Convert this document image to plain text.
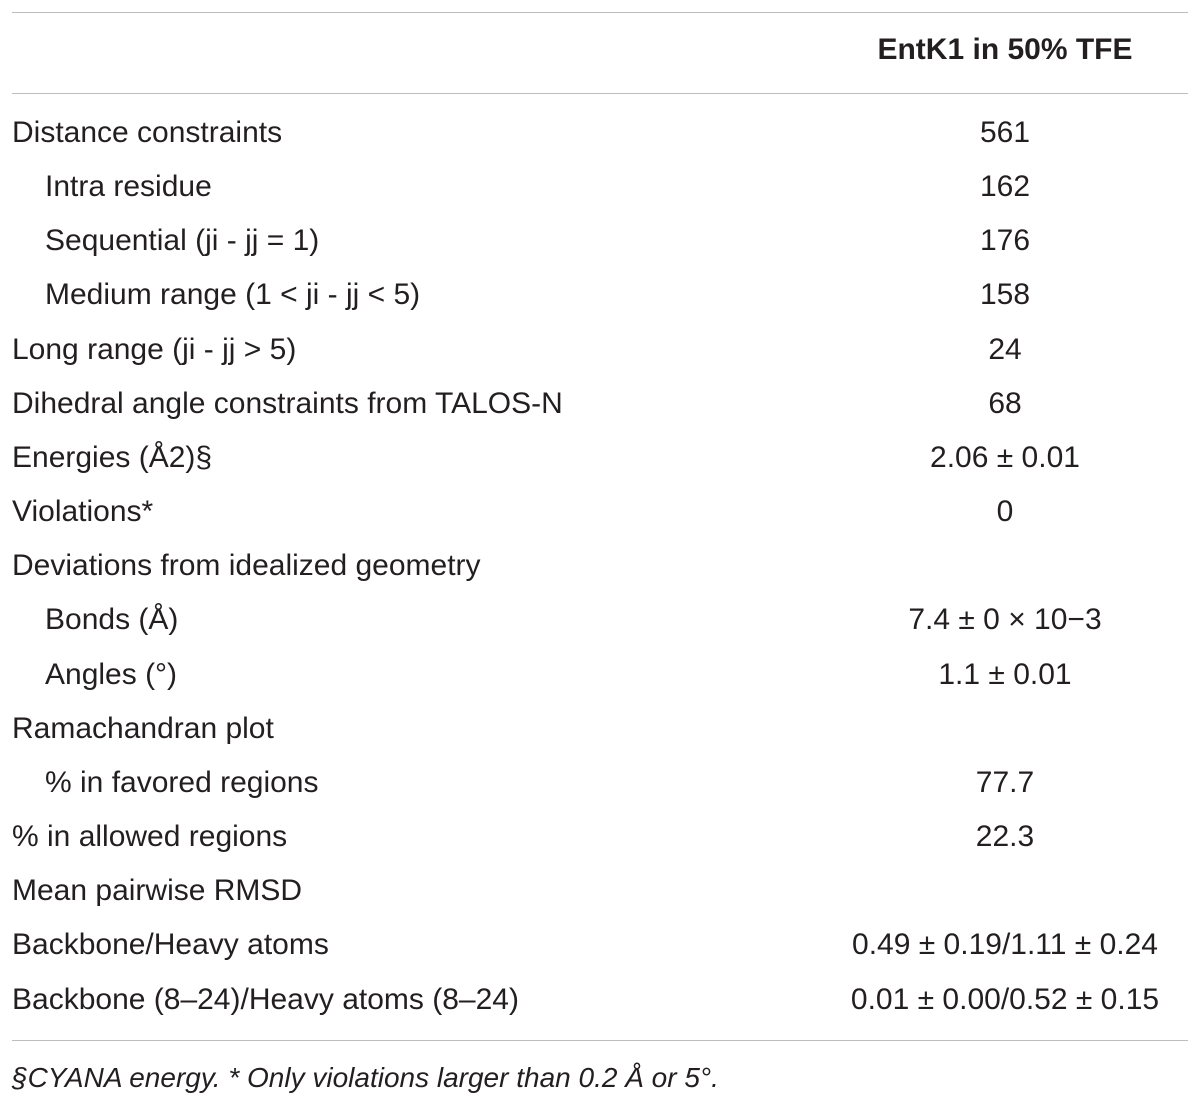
EntK1 in 50% TFE
Distance constraints	561
Intra residue	162
Sequential (ji - jj = 1)	176
Medium range (1 < ji - jj < 5)	158
Long range (ji - jj > 5)	24
Dihedral angle constraints from TALOS-N	68
Energies (Å2)§	2.06 ± 0.01
Violations*	0
Deviations from idealized geometry
Bonds (Å)	7.4 ± 0 × 10−3
Angles (°)	1.1 ± 0.01
Ramachandran plot
% in favored regions	77.7
% in allowed regions	22.3
Mean pairwise RMSD
Backbone/Heavy atoms	0.49 ± 0.19/1.11 ± 0.24
Backbone (8–24)/Heavy atoms (8–24)	0.01 ± 0.00/0.52 ± 0.15
§CYANA energy. * Only violations larger than 0.2 Å or 5°.
